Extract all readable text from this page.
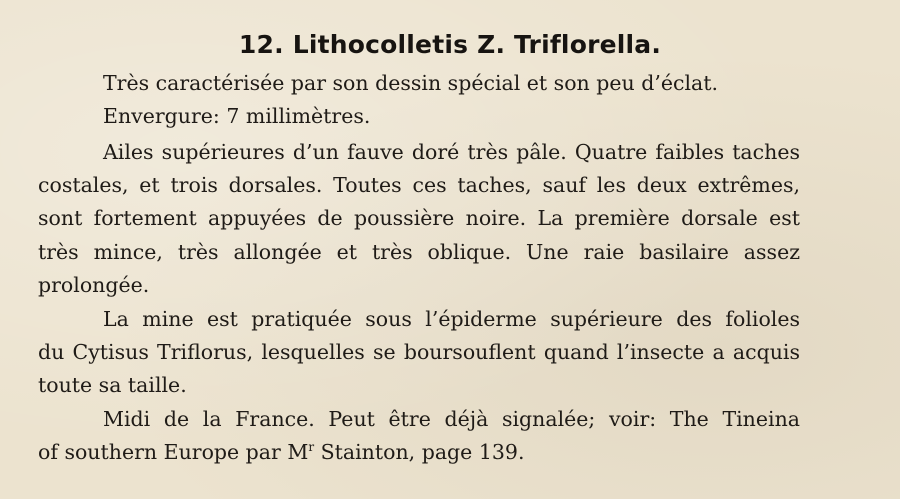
12. Lithocolletis Z. Triflorella.
Très caractérisée par son dessin spécial et son peu d’éclat.
Envergure: 7 millimètres.
Ailes supérieures d’un fauve doré très pâle. Quatre faibles taches
costales, et trois dorsales. Toutes ces taches, sauf les deux extrêmes,
sont fortement appuyées de poussière noire. La première dorsale est
très mince, très allongée et très oblique. Une raie basilaire assez
prolongée.
La mine est pratiquée sous l’épiderme supérieure des folioles
du Cytisus Triflorus, lesquelles se boursouflent quand l’insecte a acquis
toute sa taille.
Midi de la France. Peut être déjà signalée; voir: The Tineina
of southern Europe par $M^r$ Stainton, page 139.
